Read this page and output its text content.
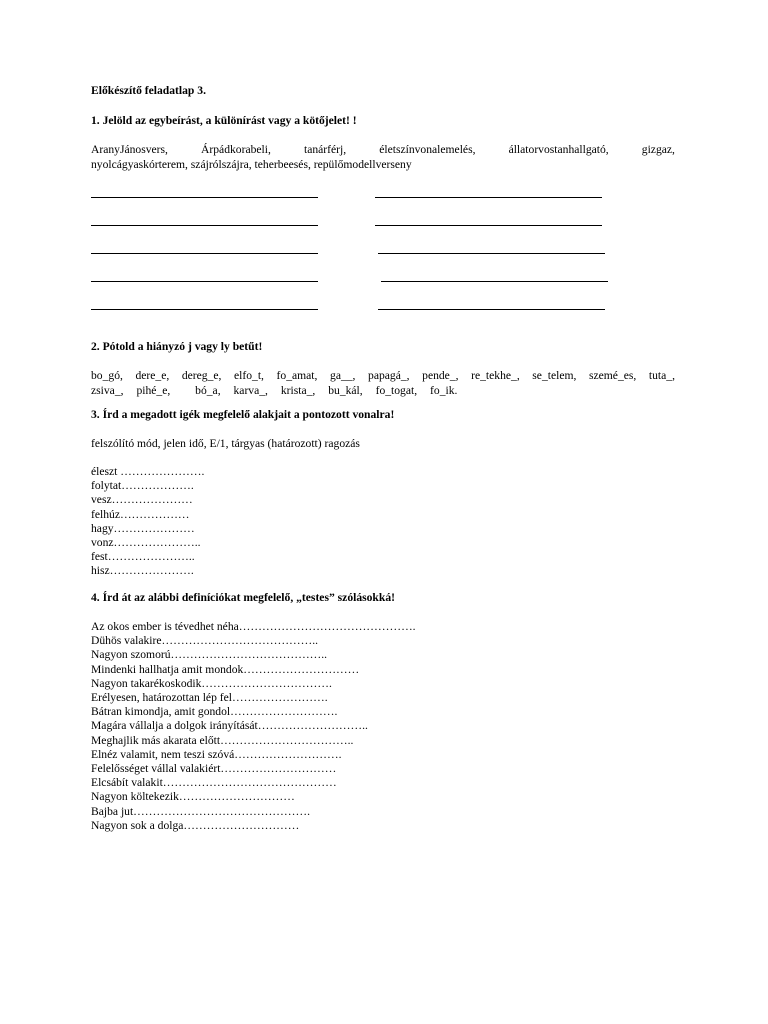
Előkészítő feladatlap 3.
1. Jelöld az egybeírást, a különírást vagy a kötőjelet! !
AranyJánosvers,	Árpádkorabeli,	tanárférj,	életszínvonalemelés,	állatorvostanhallgató,	gizgaz,
nyolcágyaskórterem, szájrólszájra, teherbeesés, repülőmodellverseny
2. Pótold a hiányzó j vagy ly betűt!
bo_gó, dere_e, dereg_e, elfo_t, fo_amat, ga__, papagá_, pende_, re_tekhe_, se_telem, szemé_es, tuta_,
zsiva_, pihé_e, bó_a, karva_, krista_, bu_kál, fo_togat, fo_ik.
3. Írd a megadott igék megfelelő alakjait a pontozott vonalra!
felszólító mód, jelen idő, E/1, tárgyas (határozott) ragozás
éleszt ………………….
folytat……………….
vesz…………………
felhúz………………
hagy…………………
vonz…………………..
fest…………………..
hisz………………….
4. Írd át az alábbi definíciókat megfelelő, „testes” szólásokká!
Az okos ember is tévedhet néha……………………………………….
Dühös valakire…………………………………..
Nagyon szomorú…………………………………..
Mindenki hallhatja amit mondok…………………………
Nagyon takarékoskodik…………………………….
Erélyesen, határozottan lép fel…………………….
Bátran kimondja, amit gondol……………………….
Magára vállalja a dolgok irányítását………………………..
Meghajlik más akarata előtt……………………………..
Elnéz valamit, nem teszi szóvá……………………….
Felelősséget vállal valakiért…………………………
Elcsábít valakit………………………………………
Nagyon költekezik…………………………
Bajba jut……………………………………….
Nagyon sok a dolga…………………………
